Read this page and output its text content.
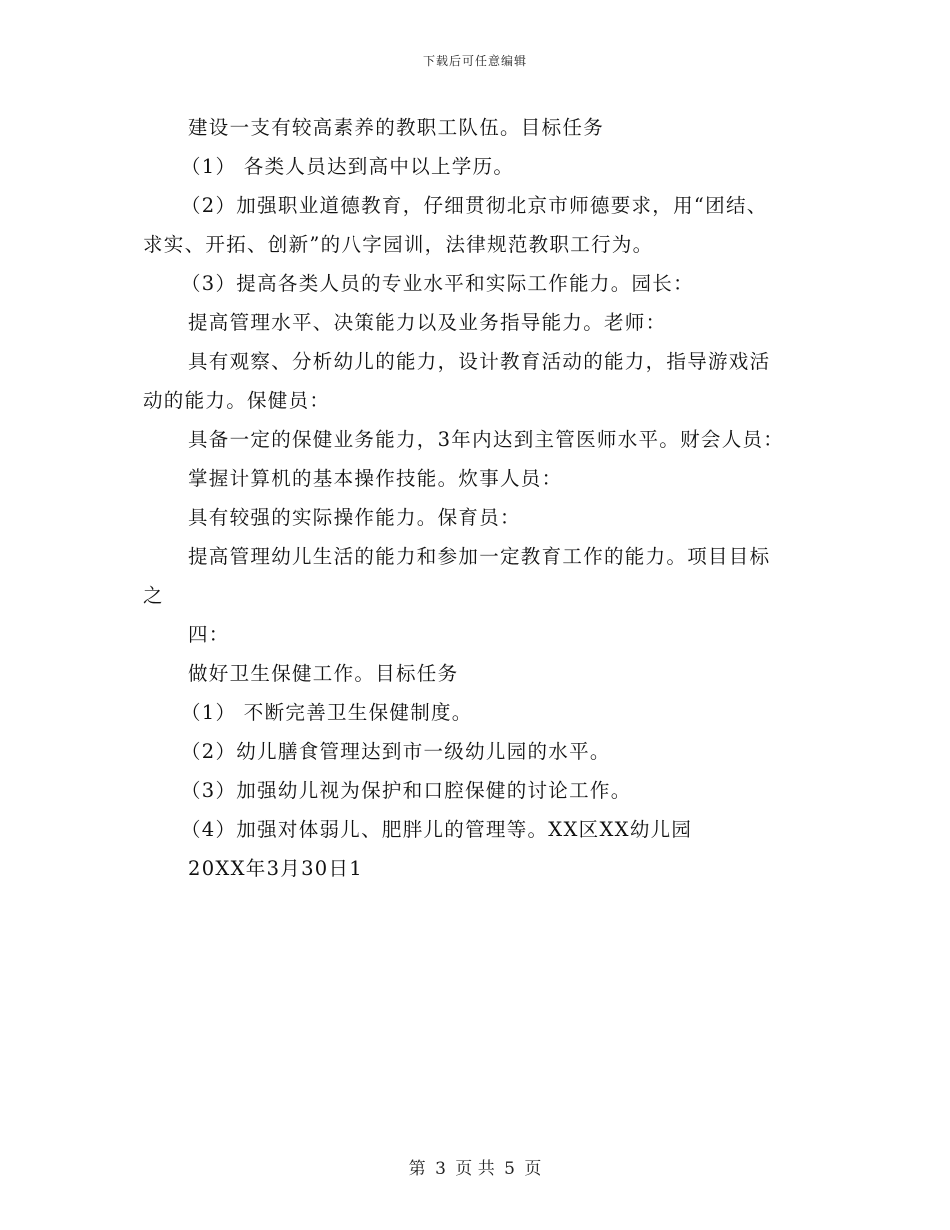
下载后可任意编辑

建设一支有较高素养的教职工队伍。目标任务

（1） 各类人员达到高中以上学历。

（2）加强职业道德教育，仔细贯彻北京市师德要求，用“团结、

求实、开拓、创新”的八字园训，法律规范教职工行为。

（3）提高各类人员的专业水平和实际工作能力。园长：

提高管理水平、决策能力以及业务指导能力。老师：

具有观察、分析幼儿的能力，设计教育活动的能力，指导游戏活

动的能力。保健员：

具备一定的保健业务能力，3年内达到主管医师水平。财会人员：

掌握计算机的基本操作技能。炊事人员：

具有较强的实际操作能力。保育员：

提高管理幼儿生活的能力和参加一定教育工作的能力。项目目标

之

四：

做好卫生保健工作。目标任务

（1） 不断完善卫生保健制度。

（2）幼儿膳食管理达到市一级幼儿园的水平。

（3）加强幼儿视为保护和口腔保健的讨论工作。

（4）加强对体弱儿、肥胖儿的管理等。XX区XX幼儿园

20XX年3月30日1

第 3 页 共 5 页
